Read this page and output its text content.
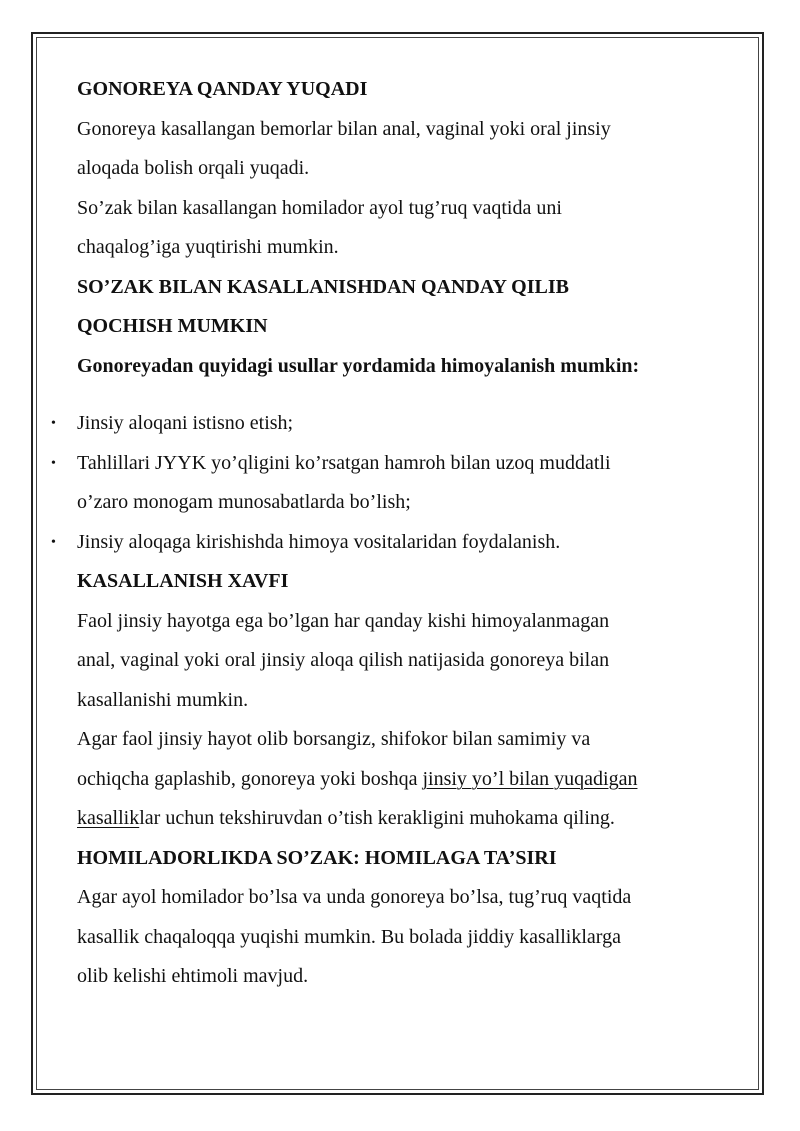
GONOREYA QANDAY YUQADI
Gonoreya kasallangan bemorlar bilan anal, vaginal yoki oral jinsiy
aloqada bolish orqali yuqadi.
So’zak bilan kasallangan homilador ayol tug’ruq vaqtida uni
chaqalog’iga yuqtirishi mumkin.
SO’ZAK BILAN KASALLANISHDAN QANDAY QILIB
QOCHISH MUMKIN
Gonoreyadan quyidagi usullar yordamida himoyalanish mumkin:
• Jinsiy aloqani istisno etish;
• Tahlillari JYYK yo’qligini ko’rsatgan hamroh bilan uzoq muddatli
o’zaro monogam munosabatlarda bo’lish;
• Jinsiy aloqaga kirishishda himoya vositalaridan foydalanish.
KASALLANISH XAVFI
Faol jinsiy hayotga ega bo’lgan har qanday kishi himoyalanmagan
anal, vaginal yoki oral jinsiy aloqa qilish natijasida gonoreya bilan
kasallanishi mumkin.
Agar faol jinsiy hayot olib borsangiz, shifokor bilan samimiy va
ochiqcha gaplashib, gonoreya yoki boshqa jinsiy yo’l bilan yuqadigan
kasalliklar uchun tekshiruvdan o’tish kerakligini muhokama qiling.
HOMILADORLIKDA SO’ZAK: HOMILAGA TA’SIRI
Agar ayol homilador bo’lsa va unda gonoreya bo’lsa, tug’ruq vaqtida
kasallik chaqaloqqa yuqishi mumkin. Bu bolada jiddiy kasalliklarga
olib kelishi ehtimoli mavjud.
